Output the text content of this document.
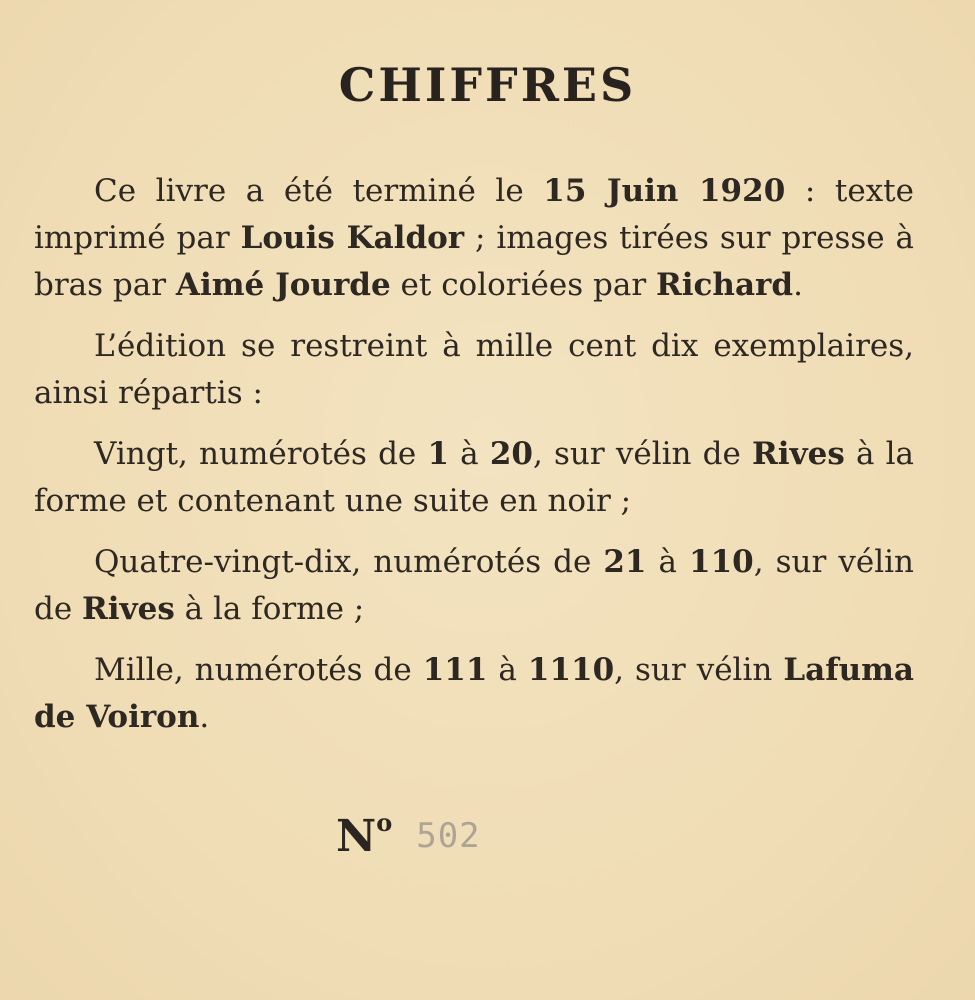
CHIFFRES

Ce livre a été terminé le 15 Juin 1920 : texte imprimé par Louis Kaldor ; images tirées sur presse à bras par Aimé Jourde et coloriées par Richard.

L’édition se restreint à mille cent dix exemplaires, ainsi répartis :

Vingt, numérotés de 1 à 20, sur vélin de Rives à la forme et contenant une suite en noir ;

Quatre-vingt-dix, numérotés de 21 à 110, sur vélin de Rives à la forme ;

Mille, numérotés de 111 à 1110, sur vélin Lafuma de Voiron.

$N^o$ 502
